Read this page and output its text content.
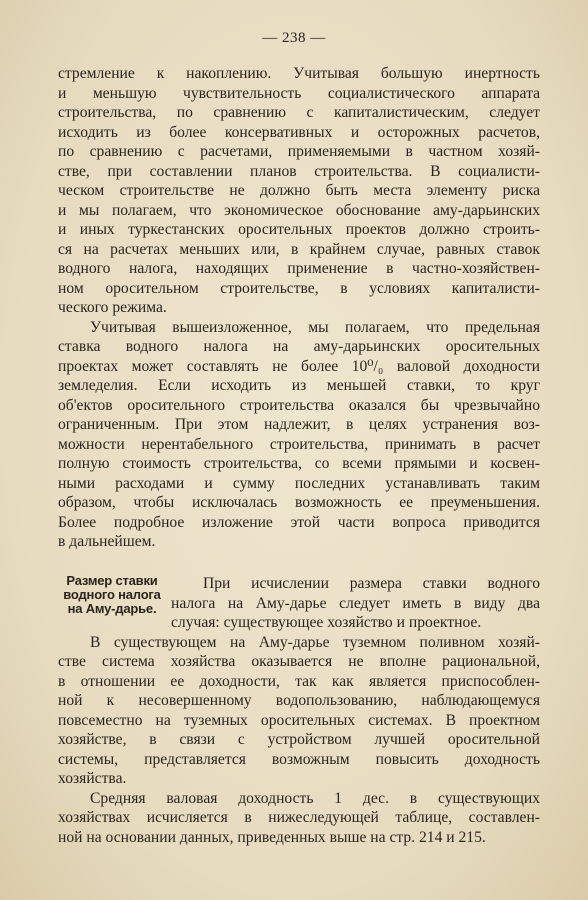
— 238 —
стремление к накоплению. Учитывая большую инертность
и меньшую чувствительность социалистического аппарата
строительства, по сравнению с капиталистическим, следует
исходить из более консервативных и осторожных расчетов,
по сравнению с расчетами, применяемыми в частном хозяй-
стве, при составлении планов строительства. В социалисти-
ческом строительстве не должно быть места элементу риска
и мы полагаем, что экономическое обоснование аму-дарьинских
и иных туркестанских оросительных проектов должно строить-
ся на расчетах меньших или, в крайнем случае, равных ставок
водного налога, находящих применение в частно-хозяйствен-
ном оросительном строительстве, в условиях капиталисти-
ческого режима.
Учитывая вышеизложенное, мы полагаем, что предельная
ставка водного налога на аму-дарьинских оросительных
проектах может составлять не более 10⁰/₀ валовой доходности
земледелия. Если исходить из меньшей ставки, то круг
об'ектов оросительного строительства оказался бы чрезвычайно
ограниченным. При этом надлежит, в целях устранения воз-
можности нерентабельного строительства, принимать в расчет
полную стоимость строительства, со всеми прямыми и косвен-
ными расходами и сумму последних устанавливать таким
образом, чтобы исключалась возможность ее преуменьшения.
Более подробное изложение этой части вопроса приводится
в дальнейшем.
Размер ставки
водного налога
на Аму-дарье.
При исчислении размера ставки водного
налога на Аму-дарье следует иметь в виду два
случая: существующее хозяйство и проектное.
В существующем на Аму-дарье туземном поливном хозяй-
стве система хозяйства оказывается не вполне рациональной,
в отношении ее доходности, так как является приспособлен-
ной к несовершенному водопользованию, наблюдающемуся
повсеместно на туземных оросительных системах. В проектном
хозяйстве, в связи с устройством лучшей оросительной
системы, представляется возможным повысить доходность
хозяйства.
Средняя валовая доходность 1 дес. в существующих
хозяйствах исчисляется в нижеследующей таблице, составлен-
ной на основании данных, приведенных выше на стр. 214 и 215.
